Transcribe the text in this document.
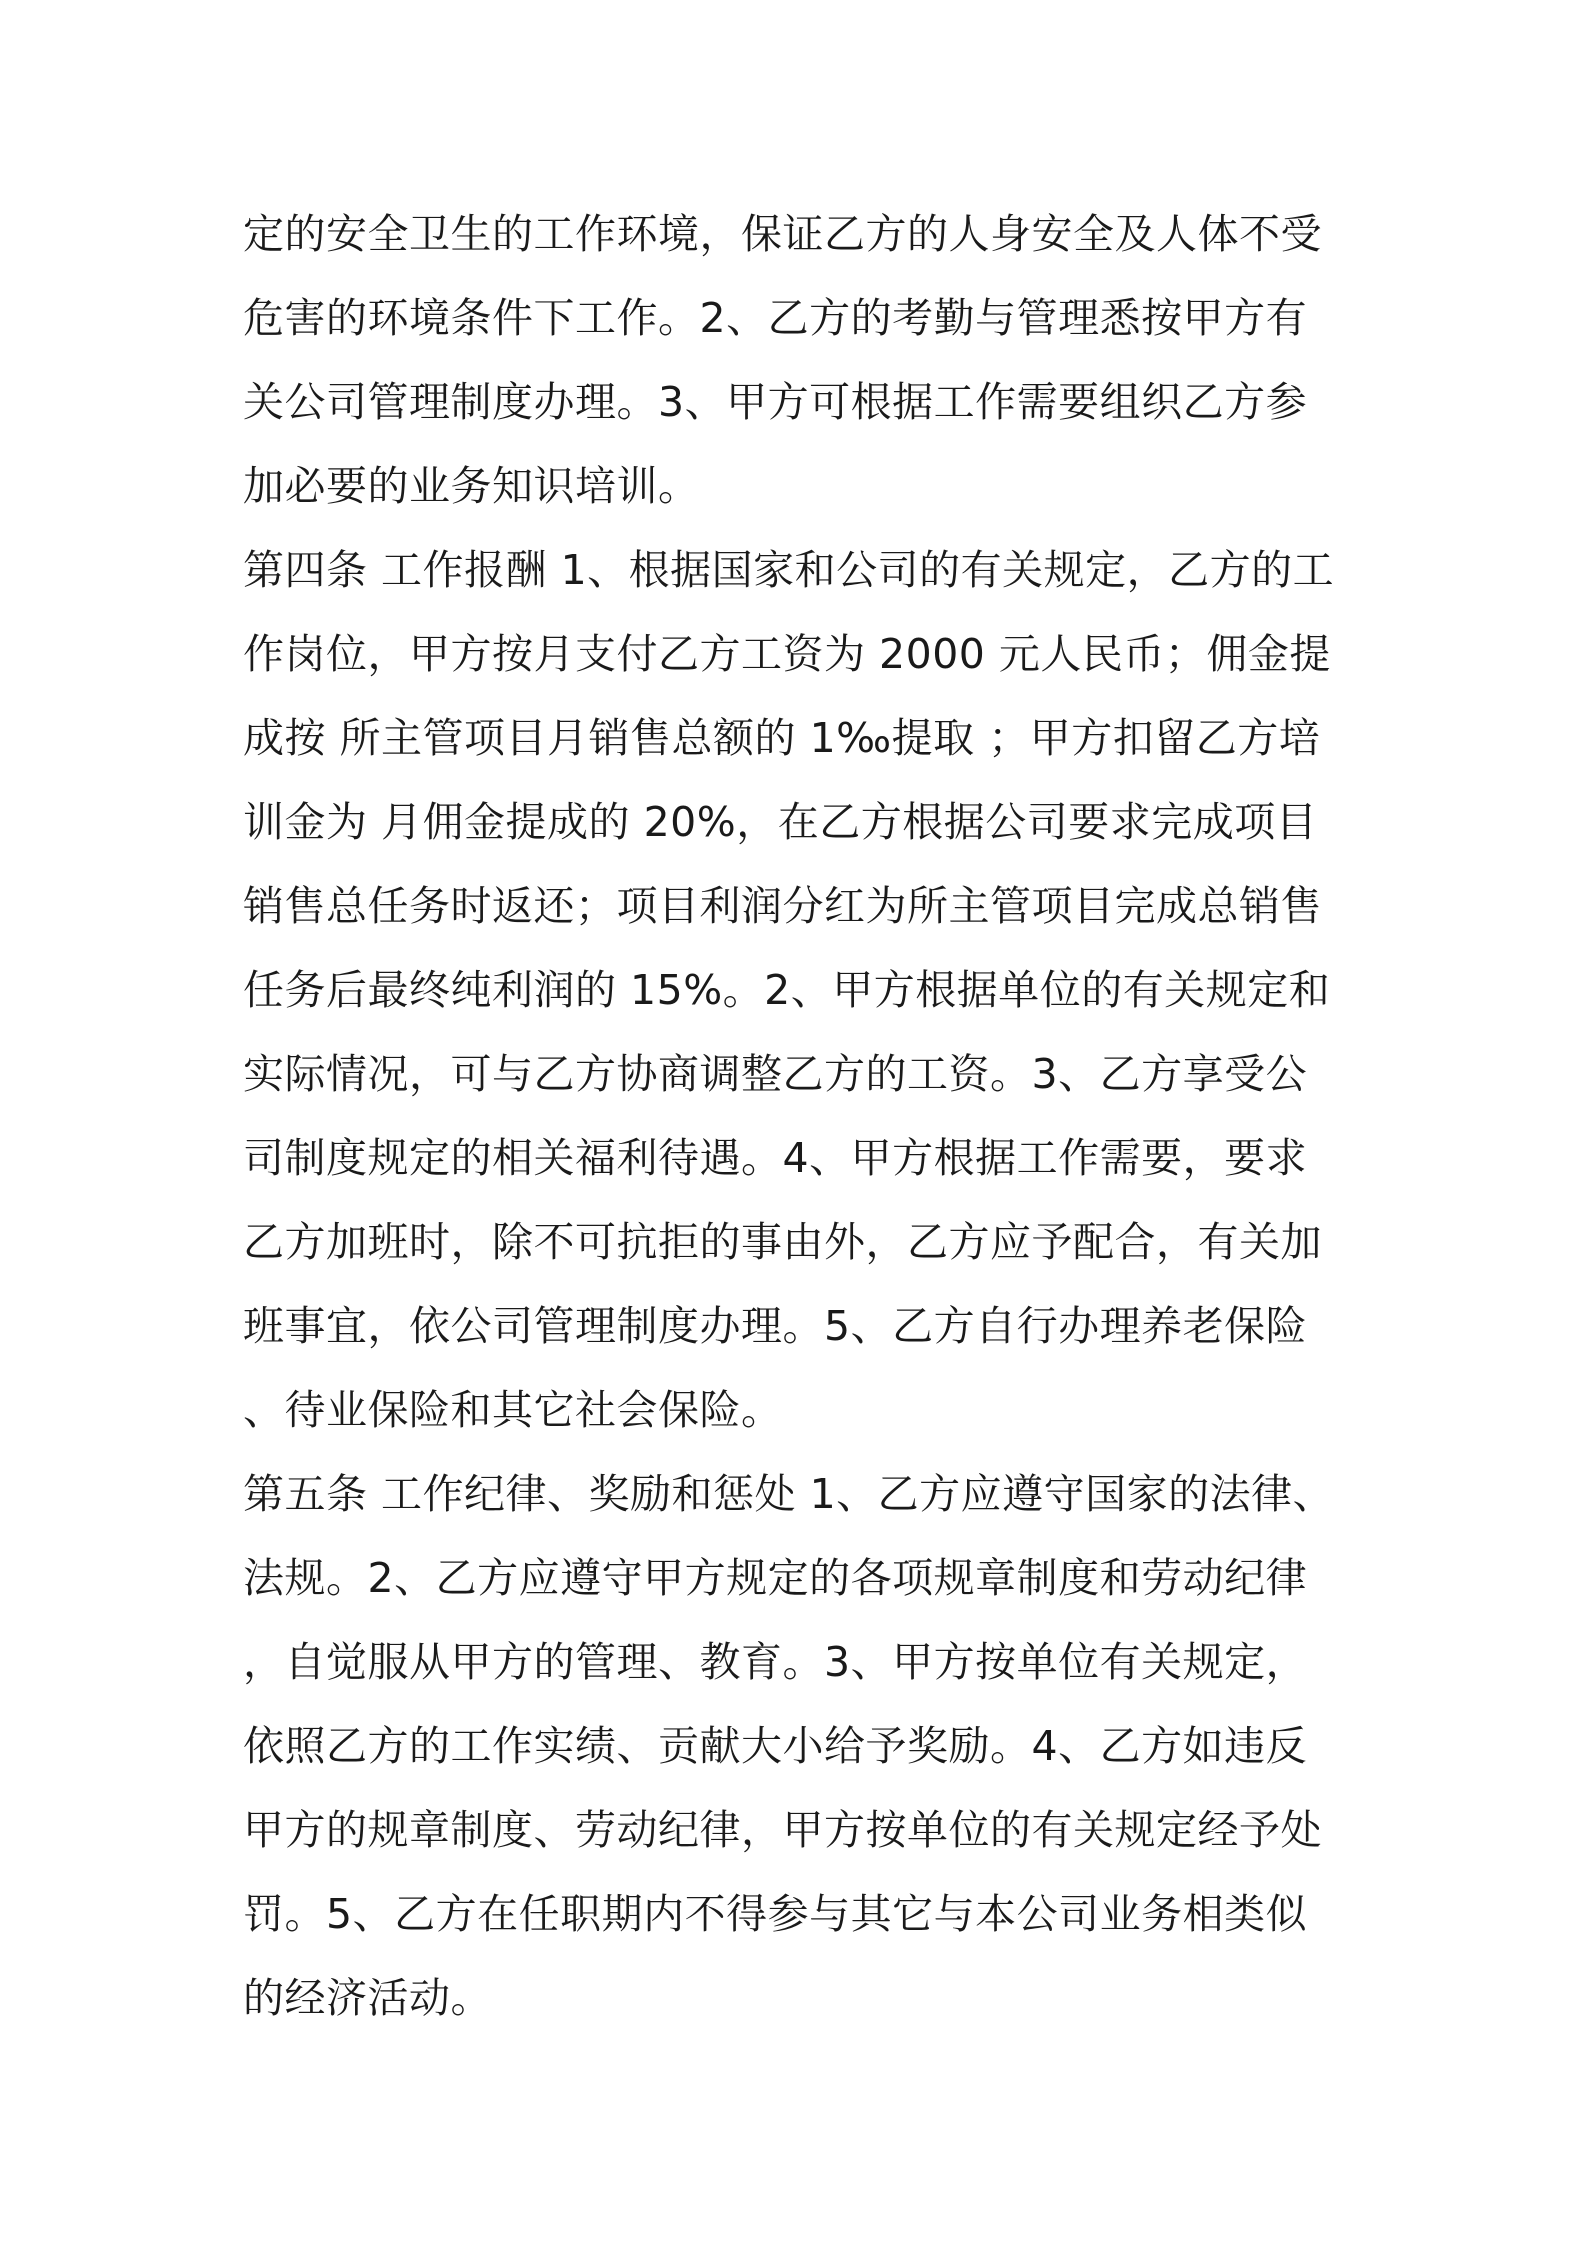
定的安全卫生的工作环境，保证乙方的人身安全及人体不受
危害的环境条件下工作。2、乙方的考勤与管理悉按甲方有
关公司管理制度办理。3、甲方可根据工作需要组织乙方参
加必要的业务知识培训。
第四条 工作报酬 1、根据国家和公司的有关规定，乙方的工
作岗位，甲方按月支付乙方工资为 2000 元人民币；佣金提
成按 所主管项目月销售总额的 1‰提取 ；甲方扣留乙方培
训金为 月佣金提成的 20%，在乙方根据公司要求完成项目
销售总任务时返还；项目利润分红为所主管项目完成总销售
任务后最终纯利润的 15%。2、甲方根据单位的有关规定和
实际情况，可与乙方协商调整乙方的工资。3、乙方享受公
司制度规定的相关福利待遇。4、甲方根据工作需要，要求
乙方加班时，除不可抗拒的事由外，乙方应予配合，有关加
班事宜，依公司管理制度办理。5、乙方自行办理养老保险
、待业保险和其它社会保险。
第五条 工作纪律、奖励和惩处 1、乙方应遵守国家的法律、
法规。2、乙方应遵守甲方规定的各项规章制度和劳动纪律
，自觉服从甲方的管理、教育。3、甲方按单位有关规定，
依照乙方的工作实绩、贡献大小给予奖励。4、乙方如违反
甲方的规章制度、劳动纪律，甲方按单位的有关规定经予处
罚。5、乙方在任职期内不得参与其它与本公司业务相类似
的经济活动。
